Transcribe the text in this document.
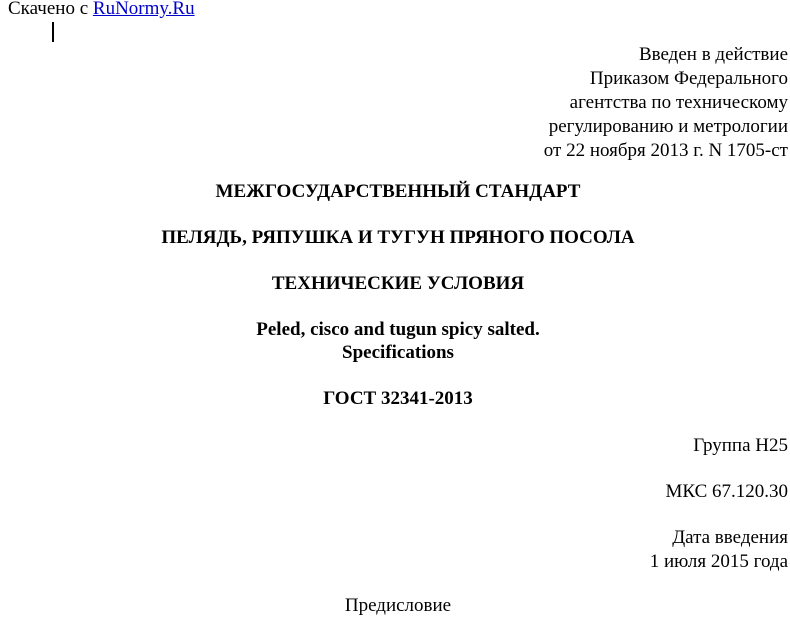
Скачено с RuNormy.Ru
Введен в действие
Приказом Федерального
агентства по техническому
регулированию и метрологии
от 22 ноября 2013 г. N 1705-ст
МЕЖГОСУДАРСТВЕННЫЙ СТАНДАРТ
ПЕЛЯДЬ, РЯПУШКА И ТУГУН ПРЯНОГО ПОСОЛА
ТЕХНИЧЕСКИЕ УСЛОВИЯ
Peled, cisco and tugun spicy salted.
Specifications
ГОСТ 32341-2013
Группа Н25
МКС 67.120.30
Дата введения
1 июля 2015 года
Предисловие
